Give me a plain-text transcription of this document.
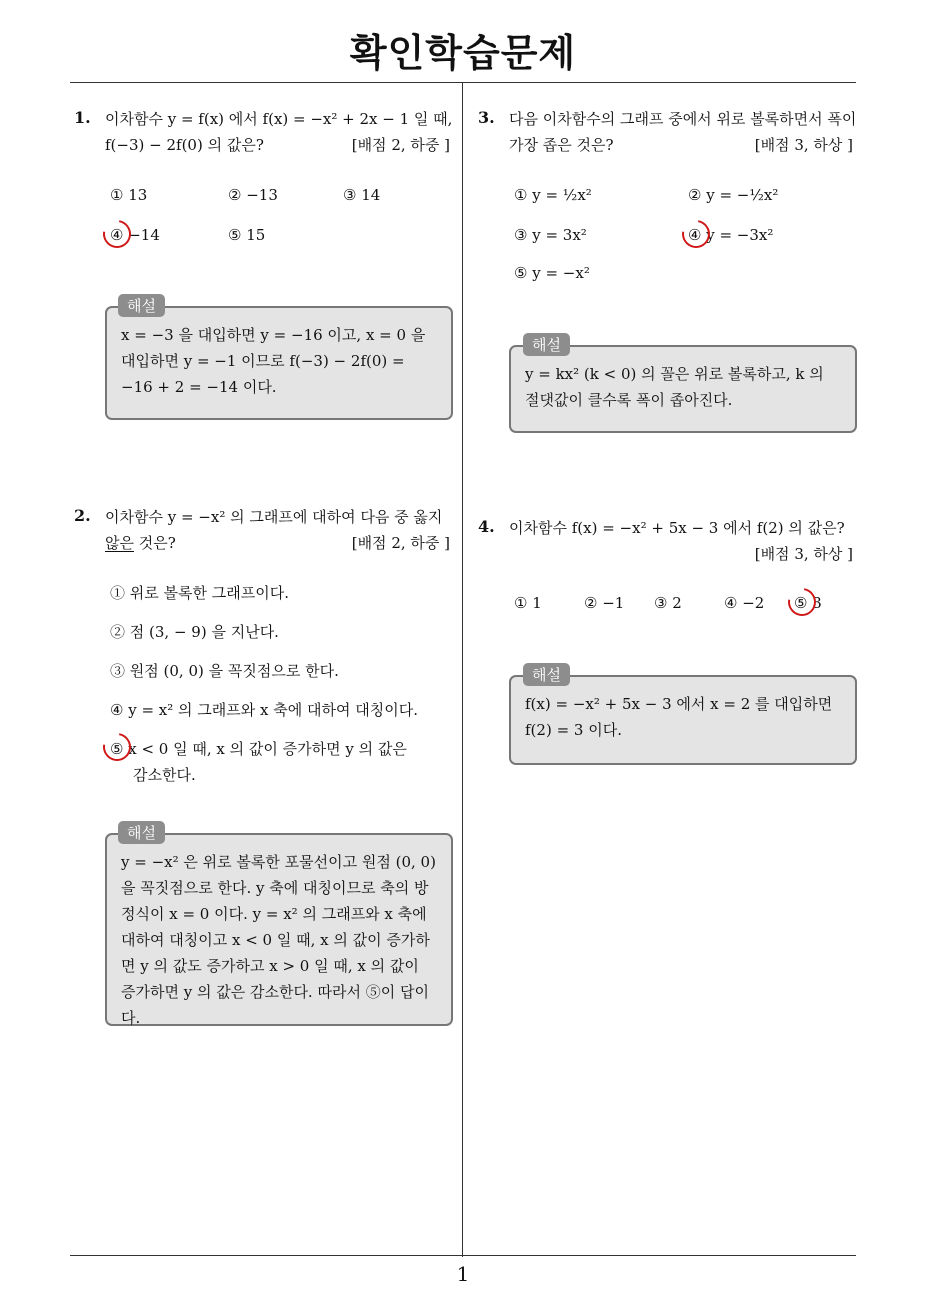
확인학습문제
1
1. 이차함수 y = f(x) 에서 f(x) = −x² + 2x − 1 일 때,
f(−3) − 2f(0) 의 값은?	[배점 2, 하중 ]
① 13	② −13	③ 14
④ −14	⑤ 15
x = −3 을 대입하면 y = −16 이고, x = 0 을 대입하면 y = −1 이므로 f(−3) − 2f(0) = −16 + 2 = −14 이다.
해설
2. 이차함수 y = −x² 의 그래프에 대하여 다음 중 옳지
않은 것은?	[배점 2, 하중 ]
① 위로 볼록한 그래프이다.
② 점 (3, − 9) 을 지난다.
③ 원점 (0, 0) 을 꼭짓점으로 한다.
④ y = x² 의 그래프와 x 축에 대하여 대칭이다.
⑤ x < 0 일 때, x 의 값이 증가하면 y 의 값은
감소한다.
y = −x² 은 위로 볼록한 포물선이고 원점 (0, 0) 을 꼭짓점으로 한다. y 축에 대칭이므로 축의 방정식이 x = 0 이다. y = x² 의 그래프와 x 축에 대하여 대칭이고 x < 0 일 때, x 의 값이 증가하면 y 의 값도 증가하고 x > 0 일 때, x 의 값이 증가하면 y 의 값은 감소한다. 따라서 ⑤이 답이다.
해설
3. 다음 이차함수의 그래프 중에서 위로 볼록하면서 폭이
가장 좁은 것은?	[배점 3, 하상 ]
① y = ½x²	② y = −½x²
③ y = 3x²	④ y = −3x²
⑤ y = −x²
y = kx² (k < 0) 의 꼴은 위로 볼록하고, k 의 절댓값이 클수록 폭이 좁아진다.
해설
4. 이차함수 f(x) = −x² + 5x − 3 에서 f(2) 의 값은?
[배점 3, 하상 ]
① 1	② −1 ③ 2	④ −2 ⑤ 3
f(x) = −x² + 5x − 3 에서 x = 2 를 대입하면 f(2) = 3 이다.
해설
